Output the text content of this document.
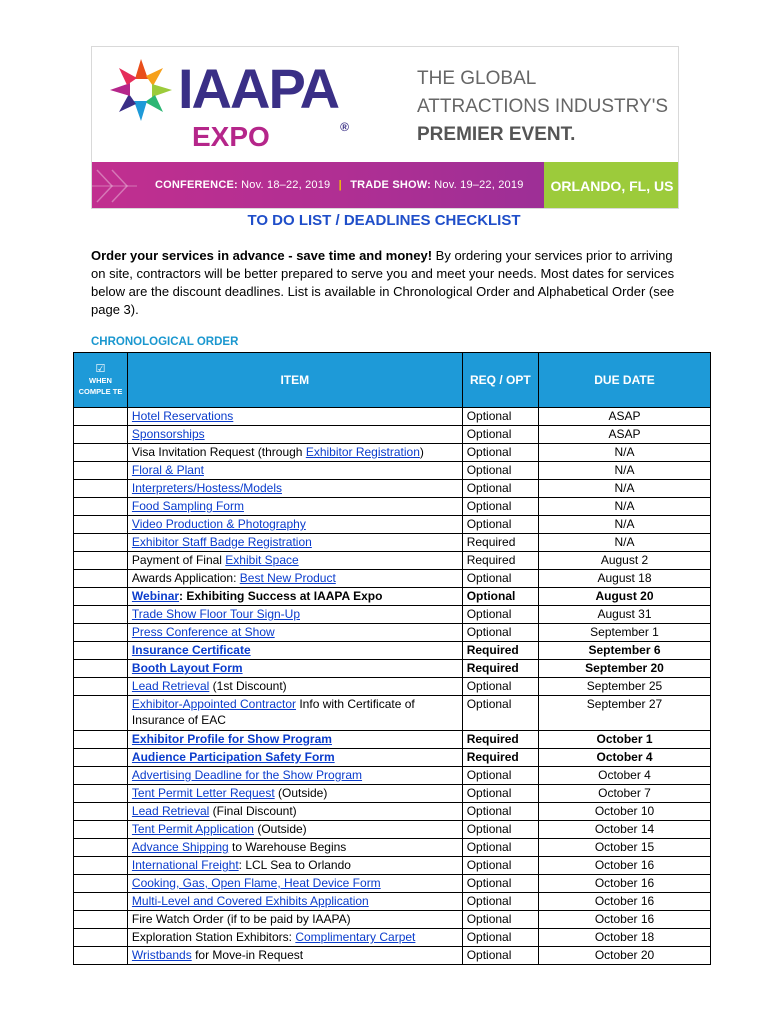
IAAPA®
EXPO
THE GLOBAL
ATTRACTIONS INDUSTRY'S
PREMIER EVENT.
CONFERENCE: Nov. 18–22, 2019 | TRADE SHOW: Nov. 19–22, 2019	ORLANDO, FL, US
TO DO LIST / DEADLINES CHECKLIST
Order your services in advance - save time and money! By ordering your services prior to arriving on site, contractors will be better prepared to serve you and meet your needs. Most dates for services below are the discount deadlines. List is available in Chronological Order and Alphabetical Order (see page 3).
CHRONOLOGICAL ORDER
☑
WHEN COMPLE TE	ITEM	REQ / OPT	DUE DATE
	Hotel Reservations	Optional	ASAP
	Sponsorships	Optional	ASAP
	Visa Invitation Request (through Exhibitor Registration)	Optional	N/A
	Floral & Plant	Optional	N/A
	Interpreters/Hostess/Models	Optional	N/A
	Food Sampling Form	Optional	N/A
	Video Production & Photography	Optional	N/A
	Exhibitor Staff Badge Registration	Required	N/A
	Payment of Final Exhibit Space	Required	August 2
	Awards Application: Best New Product	Optional	August 18
	Webinar: Exhibiting Success at IAAPA Expo	Optional	August 20
	Trade Show Floor Tour Sign-Up	Optional	August 31
	Press Conference at Show	Optional	September 1
	Insurance Certificate	Required	September 6
	Booth Layout Form	Required	September 20
	Lead Retrieval (1st Discount)	Optional	September 25
	Exhibitor-Appointed Contractor Info with Certificate of Insurance of EAC	Optional	September 27
	Exhibitor Profile for Show Program	Required	October 1
	Audience Participation Safety Form	Required	October 4
	Advertising Deadline for the Show Program	Optional	October 4
	Tent Permit Letter Request (Outside)	Optional	October 7
	Lead Retrieval (Final Discount)	Optional	October 10
	Tent Permit Application (Outside)	Optional	October 14
	Advance Shipping to Warehouse Begins	Optional	October 15
	International Freight: LCL Sea to Orlando	Optional	October 16
	Cooking, Gas, Open Flame, Heat Device Form	Optional	October 16
	Multi-Level and Covered Exhibits Application	Optional	October 16
	Fire Watch Order (if to be paid by IAAPA)	Optional	October 16
	Exploration Station Exhibitors: Complimentary Carpet	Optional	October 18
	Wristbands for Move-in Request	Optional	October 20
